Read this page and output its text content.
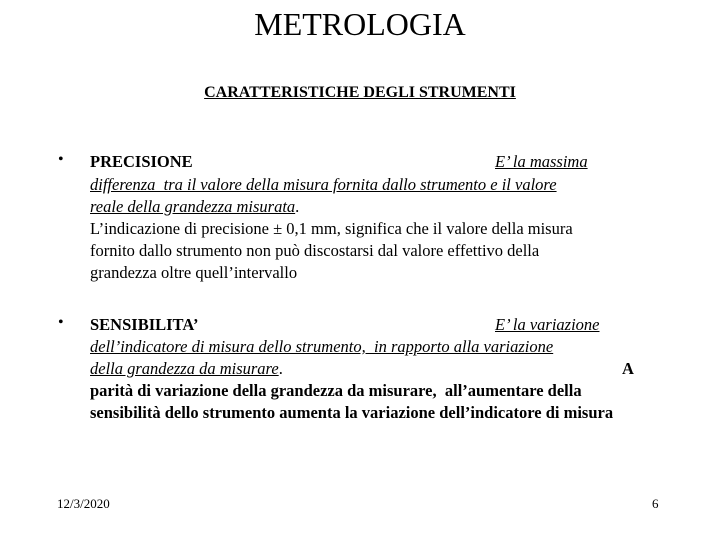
METROLOGIA
CARATTERISTICHE DEGLI STRUMENTI
• PRECISIONE	E’ la massima
differenza  tra il valore della misura fornita dallo strumento e il valore
reale della grandezza misurata.
L’indicazione di precisione ± 0,1 mm, significa che il valore della misura
fornito dallo strumento non può discostarsi dal valore effettivo della
grandezza oltre quell’intervallo
• SENSIBILITA’	E’ la variazione
dell’indicatore di misura dello strumento,  in rapporto alla variazione
della grandezza da misurare.	A
parità di variazione della grandezza da misurare,  all’aumentare della
sensibilità dello strumento aumenta la variazione dell’indicatore di misura
12/3/2020	6
